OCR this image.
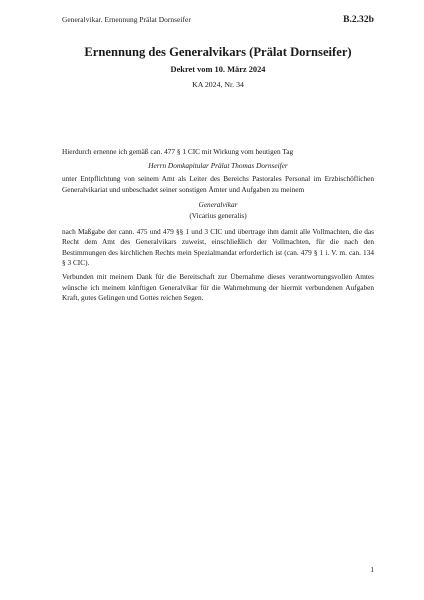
Generalvikar. Ernennung Prälat Dornseifer	B.2.32b
Ernennung des Generalvikars (Prälat Dornseifer)

Dekret vom 10. März 2024

KA 2024, Nr. 34

Hierdurch ernenne ich gemäß can. 477 § 1 CIC mit Wirkung vom heutigen Tag

Herrn Domkapitular Prälat Thomas Dornseifer

unter Entpflichtung von seinem Amt als Leiter des Bereichs Pastorales Personal im Erzbischöflichen Generalvikariat und unbeschadet seiner sonstigen Ämter und Aufgaben zu meinem

Generalvikar

(Vicarius generalis)

nach Maßgabe der cann. 475 und 479 §§ 1 und 3 CIC und übertrage ihm damit alle Vollmachten, die das Recht dem Amt des Generalvikars zuweist, einschließlich der Vollmachten, für die nach den Bestimmungen des kirchlichen Rechts mein Spezialmandat erforderlich ist (can. 479 § 1 i. V. m. can. 134 § 3 CIC).

Verbunden mit meinem Dank für die Bereitschaft zur Übernahme dieses verantwortungsvollen Amtes wünsche ich meinem künftigen Generalvikar für die Wahrnehmung der hiermit verbundenen Aufgaben Kraft, gutes Gelingen und Gottes reichen Segen.

1
